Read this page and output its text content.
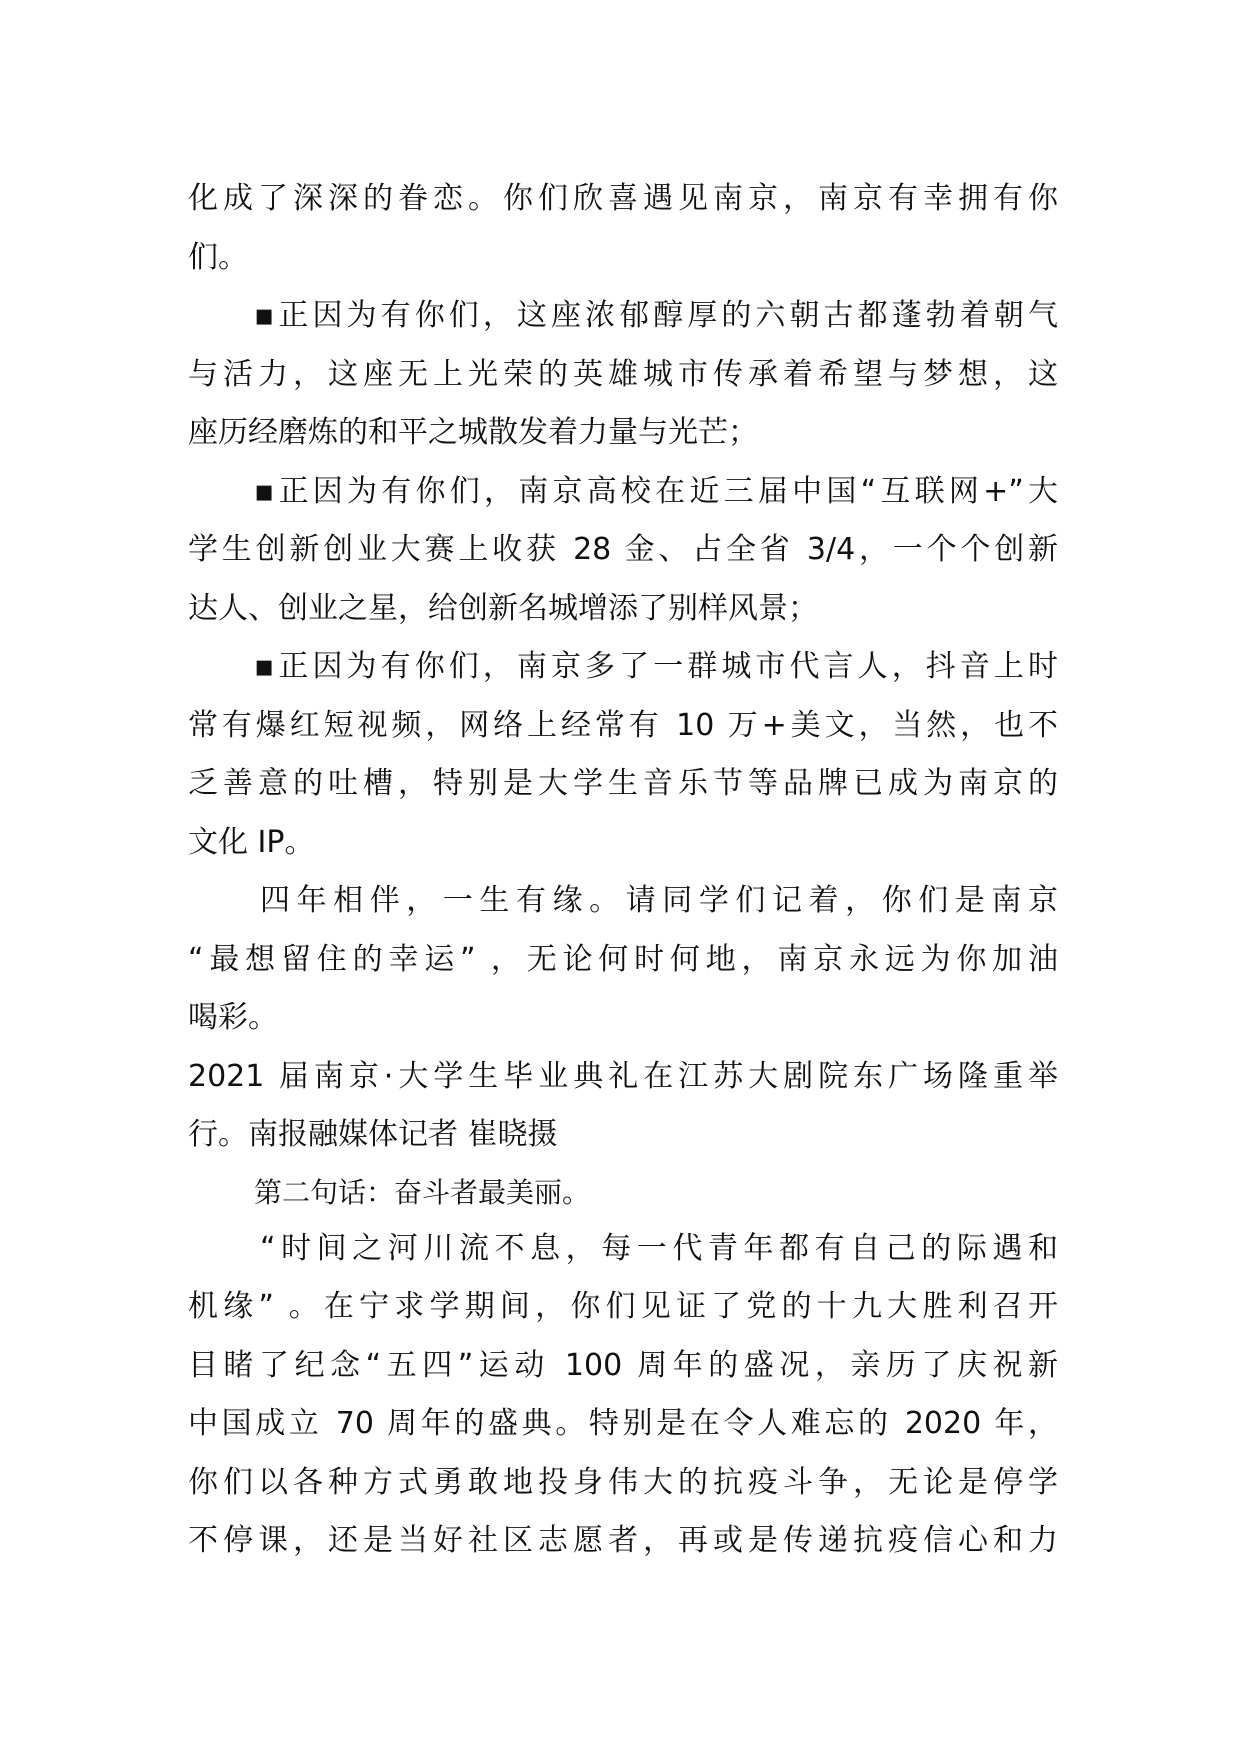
化成了深深的眷恋。你们欣喜遇见南京，南京有幸拥有你
们。
▪正因为有你们，这座浓郁醇厚的六朝古都蓬勃着朝气
与活力，这座无上光荣的英雄城市传承着希望与梦想，这
座历经磨炼的和平之城散发着力量与光芒；
▪正因为有你们，南京高校在近三届中国“互联网+”大
学生创新创业大赛上收获 28 金、占全省 3/4，一个个创新
达人、创业之星，给创新名城增添了别样风景；
▪正因为有你们，南京多了一群城市代言人，抖音上时
常有爆红短视频，网络上经常有 10 万+美文，当然，也不
乏善意的吐槽，特别是大学生音乐节等品牌已成为南京的
文化 IP。
四年相伴，一生有缘。请同学们记着，你们是南京
“最想留住的幸运” ，无论何时何地，南京永远为你加油
喝彩。
2021 届南京·大学生毕业典礼在江苏大剧院东广场隆重举
行。南报融媒体记者 崔晓摄
第二句话：奋斗者最美丽。
“时间之河川流不息，每一代青年都有自己的际遇和
机缘” 。在宁求学期间，你们见证了党的十九大胜利召开
目睹了纪念“五四”运动 100 周年的盛况，亲历了庆祝新
中国成立 70 周年的盛典。特别是在令人难忘的 2020 年，
你们以各种方式勇敢地投身伟大的抗疫斗争，无论是停学
不停课，还是当好社区志愿者，再或是传递抗疫信心和力
